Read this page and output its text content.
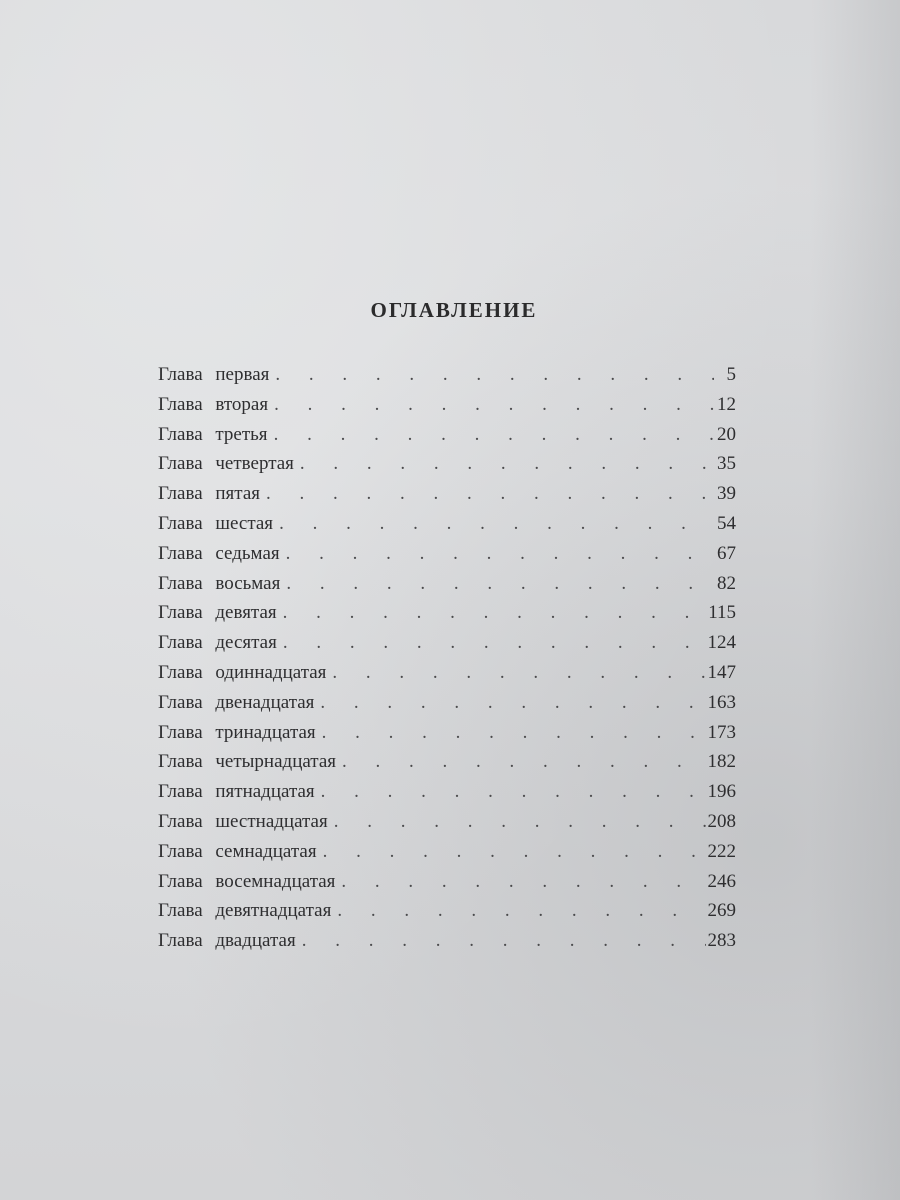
ОГЛАВЛЕНИЕ
Глава первая . . .	5
Глава вторая . . .	12
Глава третья . . .	20
Глава четвертая . . .	35
Глава пятая . . .	39
Глава шестая . . .	54
Глава седьмая . . .	67
Глава восьмая . . .	82
Глава девятая . . .	115
Глава десятая . . .	124
Глава одиннадцатая . . .	147
Глава двенадцатая . . .	163
Глава тринадцатая . . .	173
Глава четырнадцатая . . .	182
Глава пятнадцатая . . .	196
Глава шестнадцатая . . .	208
Глава семнадцатая . . .	222
Глава восемнадцатая . . .	246
Глава девятнадцатая . . .	269
Глава двадцатая . . .	283
